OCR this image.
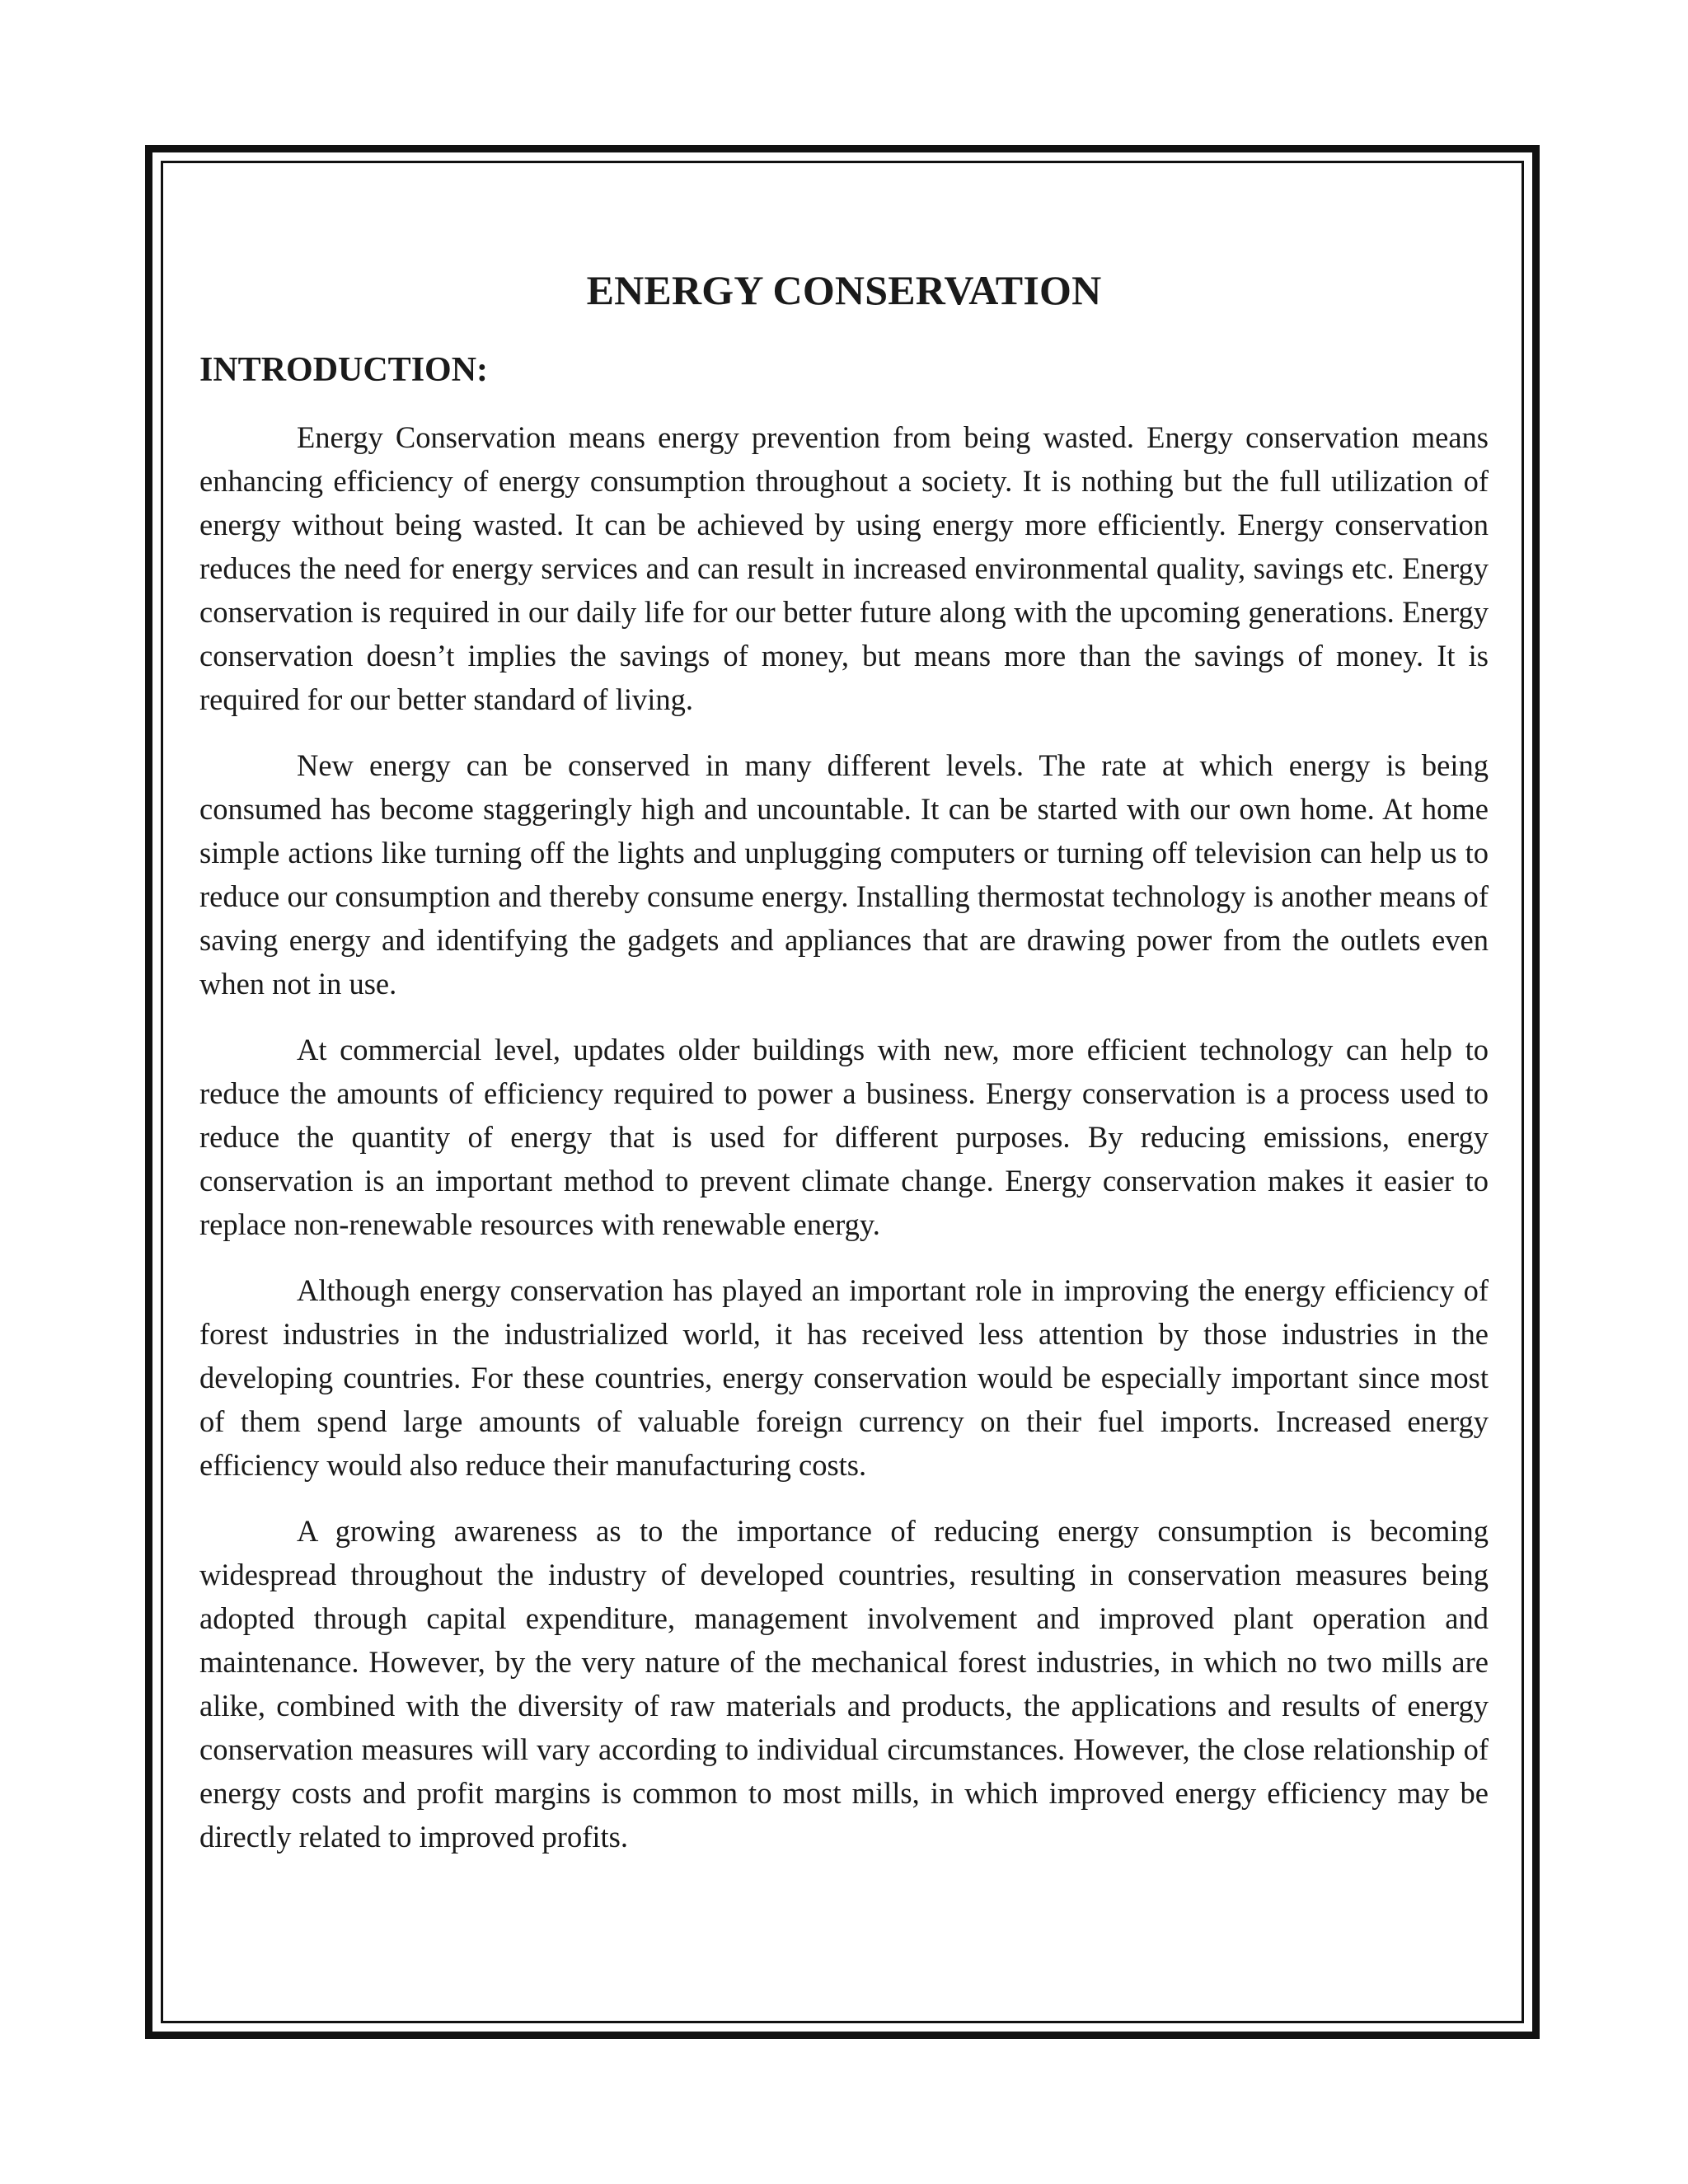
ENERGY CONSERVATION
INTRODUCTION:

Energy Conservation means energy prevention from being wasted. Energy conservation means enhancing efficiency of energy consumption throughout a society. It is nothing but the full utilization of energy without being wasted. It can be achieved by using energy more efficiently. Energy conservation reduces the need for energy services and can result in increased environmental quality, savings etc. Energy conservation is required in our daily life for our better future along with the upcoming generations. Energy conservation doesn’t implies the savings of money, but means more than the savings of money. It is required for our better standard of living.

New energy can be conserved in many different levels. The rate at which energy is being consumed has become staggeringly high and uncountable. It can be started with our own home. At home simple actions like turning off the lights and unplugging computers or turning off television can help us to reduce our consumption and thereby consume energy. Installing thermostat technology is another means of saving energy and identifying the gadgets and appliances that are drawing power from the outlets even when not in use.

At commercial level, updates older buildings with new, more efficient technology can help to reduce the amounts of efficiency required to power a business. Energy conservation is a process used to reduce the quantity of energy that is used for different purposes. By reducing emissions, energy conservation is an important method to prevent climate change. Energy conservation makes it easier to replace non-renewable resources with renewable energy.

Although energy conservation has played an important role in improving the energy efficiency of forest industries in the industrialized world, it has received less attention by those industries in the developing countries. For these countries, energy conservation would be especially important since most of them spend large amounts of valuable foreign currency on their fuel imports. Increased energy efficiency would also reduce their manufacturing costs.

A growing awareness as to the importance of reducing energy consumption is becoming widespread throughout the industry of developed countries, resulting in conservation measures being adopted through capital expenditure, management involvement and improved plant operation and maintenance. However, by the very nature of the mechanical forest industries, in which no two mills are alike, combined with the diversity of raw materials and products, the applications and results of energy conservation measures will vary according to individual circumstances. However, the close relationship of energy costs and profit margins is common to most mills, in which improved energy efficiency may be directly related to improved profits.
